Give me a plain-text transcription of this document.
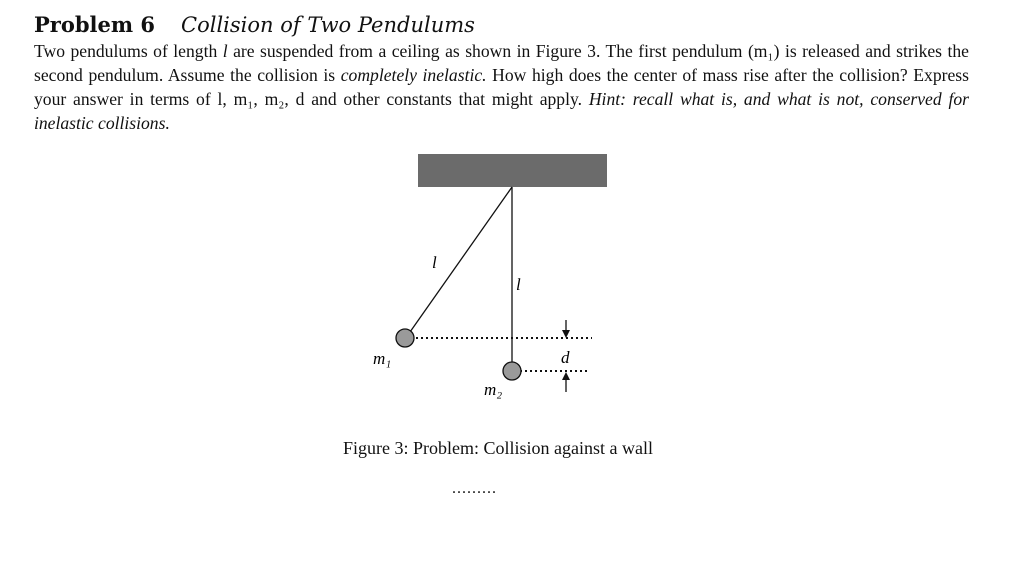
Problem 6 Collision of Two Pendulums
Two pendulums of length l are suspended from a ceiling as shown in Figure 3. The first pendulum (m₁) is released and strikes the second pendulum. Assume the collision is completely inelastic. How high does the center of mass rise after the collision? Express your answer in terms of l, m₁, m₂, d and other constants that might apply. Hint: recall what is, and what is not, conserved for inelastic collisions.
l
l
m₁
m₂
d
Figure 3: Problem: Collision against a wall
.........
